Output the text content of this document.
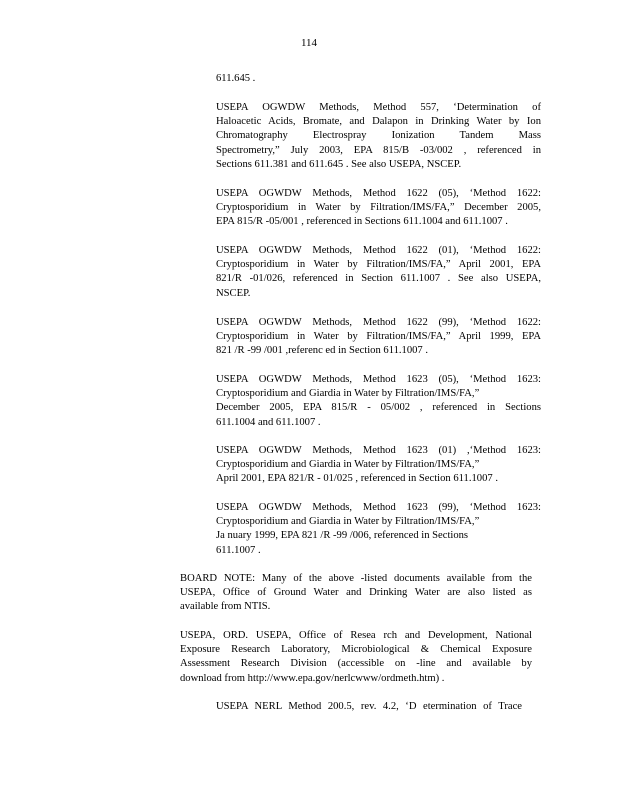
114
611.645 .
USEPA OGWDW Methods, Method 557, ‘Determination of
Haloacetic Acids, Bromate, and Dalapon in Drinking Water by Ion
Chromatography Electrospray Ionization Tandem Mass
Spectrometry,” July 2003, EPA 815/B -03/002 , referenced in
Sections 611.381 and 611.645 . See also USEPA, NSCEP.
USEPA OGWDW Methods, Method 1622 (05), ‘Method 1622:
Cryptosporidium in Water by Filtration/IMS/FA,” December 2005,
EPA 815/R -05/001 , referenced in Sections 611.1004 and 611.1007 .
USEPA OGWDW Methods, Method 1622 (01), ‘Method 1622:
Cryptosporidium in Water by Filtration/IMS/FA,” April 2001, EPA
821/R -01/026, referenced in Section 611.1007 . See also USEPA,
NSCEP.
USEPA OGWDW Methods, Method 1622 (99), ‘Method 1622:
Cryptosporidium in Water by Filtration/IMS/FA,” April 1999, EPA
821 /R -99 /001 ,referenc ed in Section 611.1007 .
USEPA OGWDW Methods, Method 1623 (05), ‘Method 1623:
Cryptosporidium and Giardia in Water by Filtration/IMS/FA,”
December 2005, EPA 815/R - 05/002 , referenced in Sections
611.1004 and 611.1007 .
USEPA OGWDW Methods, Method 1623 (01) ,‘Method 1623:
Cryptosporidium and Giardia in Water by Filtration/IMS/FA,”
April 2001, EPA 821/R - 01/025 , referenced in Section 611.1007 .
USEPA OGWDW Methods, Method 1623 (99), ‘Method 1623:
Cryptosporidium and Giardia in Water by Filtration/IMS/FA,”
Ja nuary 1999, EPA 821 /R -99 /006, referenced in Sections
611.1007 .
BOARD NOTE: Many of the above -listed documents available from the
USEPA, Office of Ground Water and Drinking Water are also listed as
available from NTIS.
USEPA, ORD. USEPA, Office of Resea rch and Development, National
Exposure Research Laboratory, Microbiological & Chemical Exposure
Assessment Research Division (accessible on -line and available by
download from http://www.epa.gov/nerlcwww/ordmeth.htm) .
USEPA NERL Method 200.5, rev. 4.2, ‘D etermination of Trace
